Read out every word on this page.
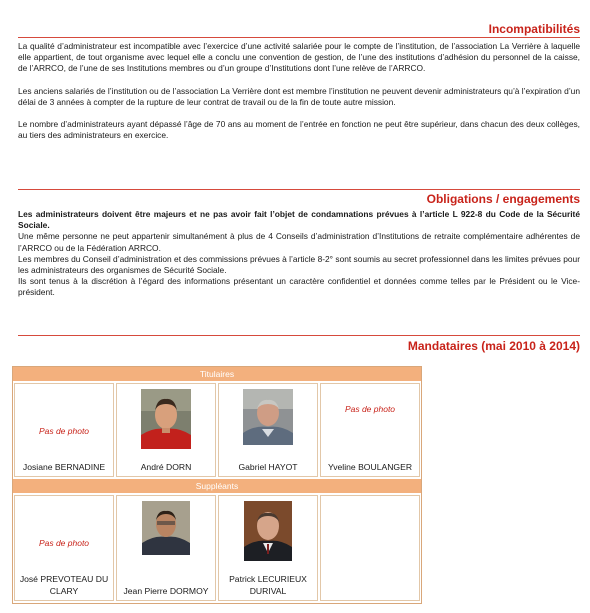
Incompatibilités

La qualité d’administrateur est incompatible avec l’exercice d’une activité salariée pour le compte de l’institution, de l’association La Verrière à laquelle elle appartient, de tout organisme avec lequel elle a conclu une convention de gestion, de l’une des institutions d’adhésion du personnel de la caisse, de l’ARRCO, de l’une de ses Institutions membres ou d’un groupe d’Institutions dont l’une relève de l’ARRCO.

Les anciens salariés de l’institution ou de l’association La Verrière dont est membre l’institution ne peuvent devenir administrateurs qu’à l’expiration d’un délai de 3 années à compter de la rupture de leur contrat de travail ou de la fin de toute autre mission.

Le nombre d’administrateurs ayant dépassé l’âge de 70 ans au moment de l’entrée en fonction ne peut être supérieur, dans chacun des deux collèges, au tiers des administrateurs en exercice.

Obligations / engagements

Les administrateurs doivent être majeurs et ne pas avoir fait l’objet de condamnations prévues à l’article L 922-8 du Code de la Sécurité Sociale.

Une même personne ne peut appartenir simultanément à plus de 4 Conseils d’administration d’Institutions de retraite complémentaire adhérentes de l’ARRCO ou de la Fédération ARRCO.

Les membres du Conseil d’administration et des commissions prévues à l’article 8-2° sont soumis au secret professionnel dans les limites prévues pour les administrateurs des organismes de Sécurité Sociale.

Ils sont tenus à la discrétion à l’égard des informations présentant un caractère confidentiel et données comme telles par le Président ou le Vice-président.

Mandataires (mai 2010 à 2014)
Titulaires
Pas de photo
Josiane BERNADINE	André DORN	Gabriel HAYOT
Pas de photo
Yveline BOULANGER
Suppléants
Pas de photo
José PREVOTEAU DU CLARY	Jean Pierre DORMOY
Patrick LECURIEUX DURIVAL
